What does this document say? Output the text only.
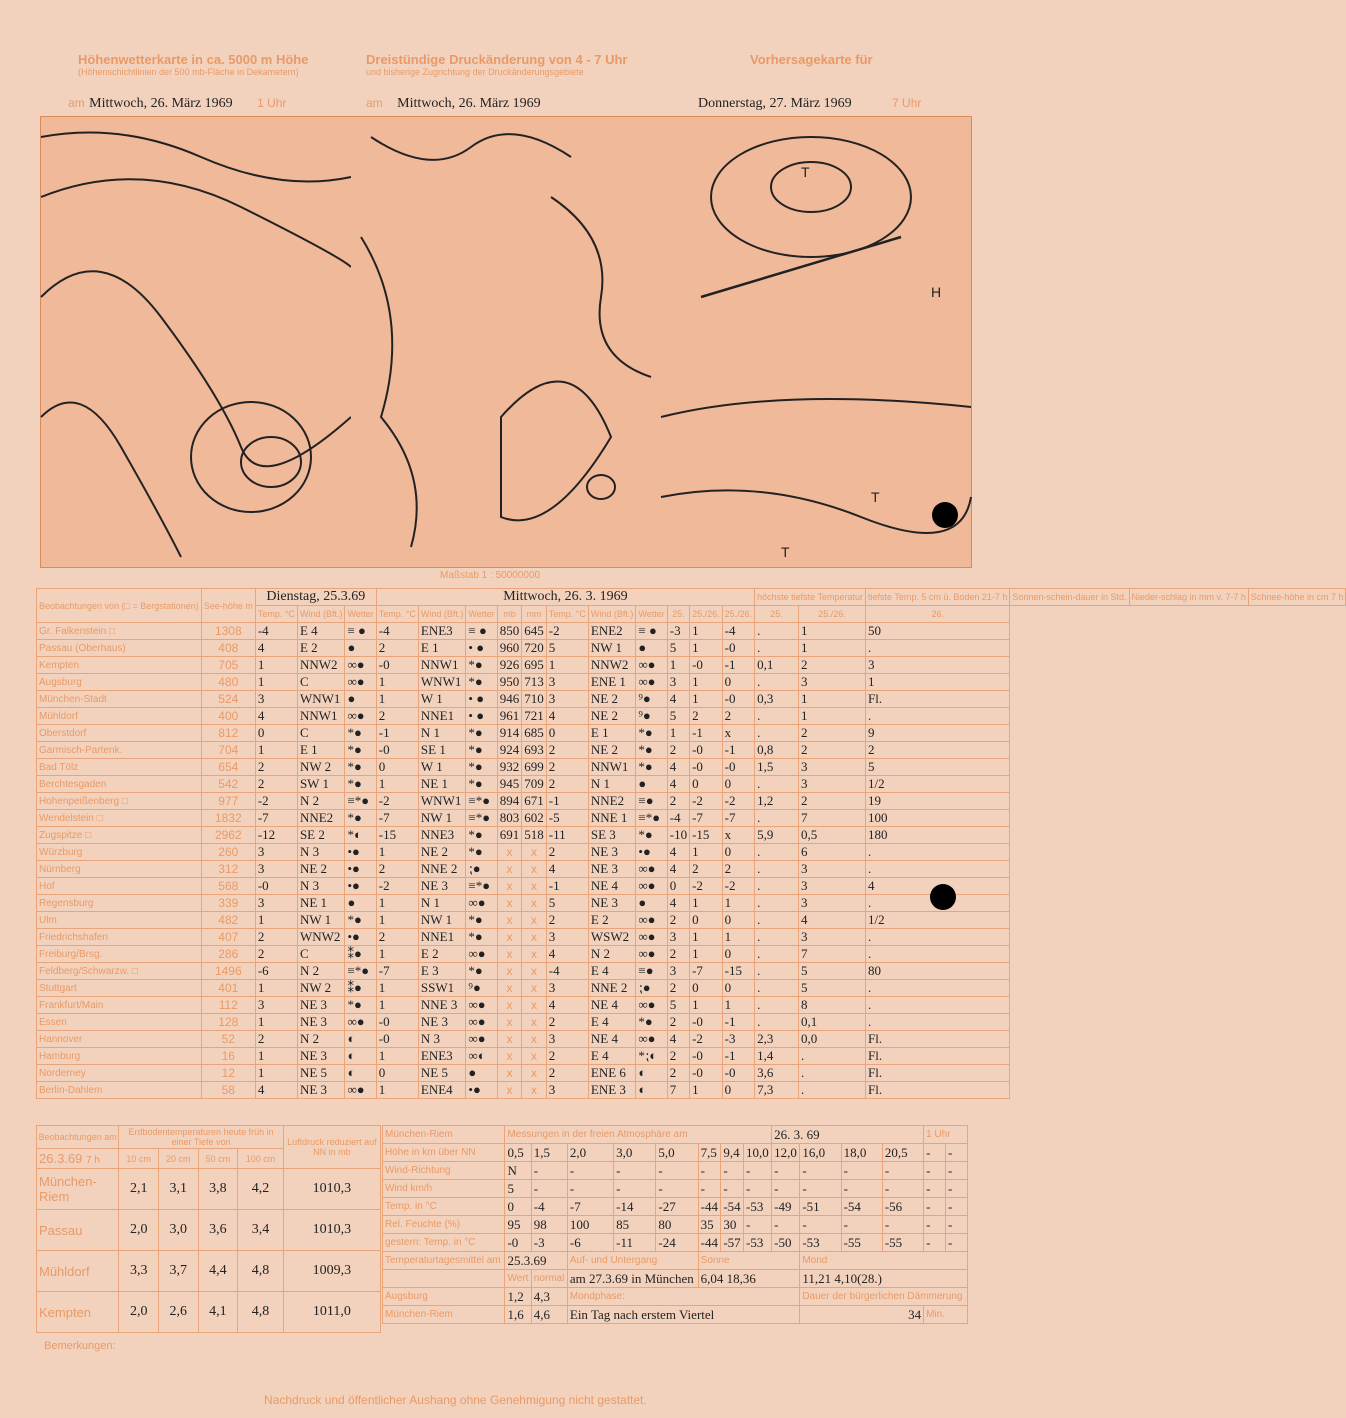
Höhenwetterkarte in ca. 5000 m Höhe
(Höhenschichtlinien der 500 mb-Fläche in Dekametern)
Dreistündige Druckänderung von 4 - 7 Uhr
und bisherige Zugrichtung der Druckänderungsgebiete
Vorhersagekarte für
am Mittwoch, 26. März 1969 1 Uhr	am Mittwoch, 26. März 1969	Donnerstag, 27. März 1969	7 Uhr
T
H
T
T
Maßstab 1 : 50000000
Beobachtungen von (□ = Bergstationen)	See-höhe m	Dienstag, 25.3.69			Mittwoch, 26. 3. 1969											höchste tiefste Temperatur		tiefste Temp. 5 cm ü. Boden 21-7 h	Sonnen-schein-dauer in Std.	Nieder-schlag in mm v. 7-7 h	Schnee-höhe in cm 7 h
		Temp. °C	Wind (Bft.)	Wetter	Temp. °C	Wind (Bft.)	Wetter	mb	mm	Temp. °C	Wind (Bft.)	Wetter	25.	25./26.	25./26.	25.	25./26.	26.			
Gr. Falkenstein □	1308	-4	E 4	≡ ●	-4	ENE3	≡ ●	850	645	-2	ENE2	≡ ●	-3	1	-4	.	1	50			
Passau (Oberhaus)	408	4	E 2	●	2	E 1	• ●	960	720	5	NW 1	●	5	1	-0	.	1	.			
Kempten	705	1	NNW2	∞●	-0	NNW1	*●	926	695	1	NNW2	∞●	1	-0	-1	0,1	2	3			
Augsburg	480	1	C	∞●	1	WNW1	*●	950	713	3	ENE 1	∞●	3	1	0	.	3	1			
München-Stadt	524	3	WNW1	●	1	W 1	• ●	946	710	3	NE 2	⁹●	4	1	-0	0,3	1	Fl.			
Mühldorf	400	4	NNW1	∞●	2	NNE1	• ●	961	721	4	NE 2	⁹●	5	2	2	.	1	.			
Oberstdorf	812	0	C	*●	-1	N 1	*●	914	685	0	E 1	*●	1	-1	x	.	2	9			
Garmisch-Partenk.	704	1	E 1	*●	-0	SE 1	*●	924	693	2	NE 2	*●	2	-0	-1	0,8	2	2			
Bad Tölz	654	2	NW 2	*●	0	W 1	*●	932	699	2	NNW1	*●	4	-0	-0	1,5	3	5			
Berchtesgaden	542	2	SW 1	*●	1	NE 1	*●	945	709	2	N 1	●	4	0	0	.	3	1/2			
Hohenpeißenberg □	977	-2	N 2	≡*●	-2	WNW1	≡*●	894	671	-1	NNE2	≡●	2	-2	-2	1,2	2	19			
Wendelstein □	1832	-7	NNE2	*●	-7	NW 1	≡*●	803	602	-5	NNE 1	≡*●	-4	-7	-7	.	7	100			
Zugspitze □	2962	-12	SE 2	*◐	-15	NNE3	*●	691	518	-11	SE 3	*●	-10	-15	x	5,9	0,5	180			
Würzburg	260	3	N 3	•●	1	NE 2	*●	x	x	2	NE 3	•●	4	1	0	.	6	.			
Nürnberg	312	3	NE 2	•●	2	NNE 2	⁏●	x	x	4	NE 3	∞●	4	2	2	.	3	.			
Hof	568	-0	N 3	•●	-2	NE 3	≡*●	x	x	-1	NE 4	∞●	0	-2	-2	.	3	4			
Regensburg	339	3	NE 1	●	1	N 1	∞●	x	x	5	NE 3	●	4	1	1	.	3	.			
Ulm	482	1	NW 1	*●	1	NW 1	*●	x	x	2	E 2	∞●	2	0	0	.	4	1/2			
Friedrichshafen	407	2	WNW2	•●	2	NNE1	*●	x	x	3	WSW2	∞●	3	1	1	.	3	.			
Freiburg/Brsg.	286	2	C	⁑●	1	E 2	∞●	x	x	4	N 2	∞●	2	1	0	.	7	.			
Feldberg/Schwarzw. □	1496	-6	N 2	≡*●	-7	E 3	*●	x	x	-4	E 4	≡●	3	-7	-15	.	5	80			
Stuttgart	401	1	NW 2	⁑●	1	SSW1	⁹●	x	x	3	NNE 2	⁏●	2	0	0	.	5	.			
Frankfurt/Main	112	3	NE 3	*●	1	NNE 3	∞●	x	x	4	NE 4	∞●	5	1	1	.	8	.			
Essen	128	1	NE 3	∞●	-0	NE 3	∞●	x	x	2	E 4	*●	2	-0	-1	.	0,1	.			
Hannover	52	2	N 2	◐	-0	N 3	∞●	x	x	3	NE 4	∞●	4	-2	-3	2,3	0,0	Fl.			
Hamburg	16	1	NE 3	◐	1	ENE3	∞◐	x	x	2	E 4	*⁏◐	2	-0	-1	1,4	.	Fl.			
Norderney	12	1	NE 5	◐	0	NE 5	●	x	x	2	ENE 6	◐	2	-0	-0	3,6	.	Fl.			
Berlin-Dahlem	58	4	NE 3	∞●	1	ENE4	•●	x	x	3	ENE 3	◐	7	1	0	7,3	.	Fl.			
Beobachtungen am	Erdbodentemperaturen heute früh in einer Tiefe von				Luftdruck reduziert auf NN in mb
26.3.69 7 h	10 cm	20 cm	50 cm	100 cm	
München-Riem	2,1	3,1	3,8	4,2	1010,3
Passau	2,0	3,0	3,6	3,4	1010,3
Mühldorf	3,3	3,7	4,4	4,8	1009,3
Kempten	2,0	2,6	4,1	4,8	1011,0
München-Riem	Messungen in der freien Atmosphäre am								26. 3. 69				1 Uhr	
Höhe in km über NN	0,5	1,5	2,0	3,0	5,0	7,5	9,4	10,0	12,0	16,0	18,0	20,5	-	-
Wind-Richtung	N	-	-	-	-	-	-	-	-	-	-	-	-	-
Wind km/h	5	-	-	-	-	-	-	-	-	-	-	-	-	-
Temp. in °C	0	-4	-7	-14	-27	-44	-54	-53	-49	-51	-54	-56	-	-
Rel. Feuchte (%)	95	98	100	85	80	35	30	-	-	-	-	-	-	-
gestern: Temp. in °C	-0	-3	-6	-11	-24	-44	-57	-53	-50	-53	-55	-55	-	-
Temperaturtagesmittel am	25.3.69		Auf- und Untergang			Sonne				Mond				
	Wert	normal	am 27.3.69 in München			6,04 18,36				11,21 4,10(28.)				
Augsburg	1,2	4,3	Mondphase:							Dauer der bürgerlichen Dämmerung				
München-Riem	1,6	4,6	Ein Tag nach erstem Viertel							34			Min.	
Bemerkungen:
Nachdruck und öffentlicher Aushang ohne Genehmigung nicht gestattet.
